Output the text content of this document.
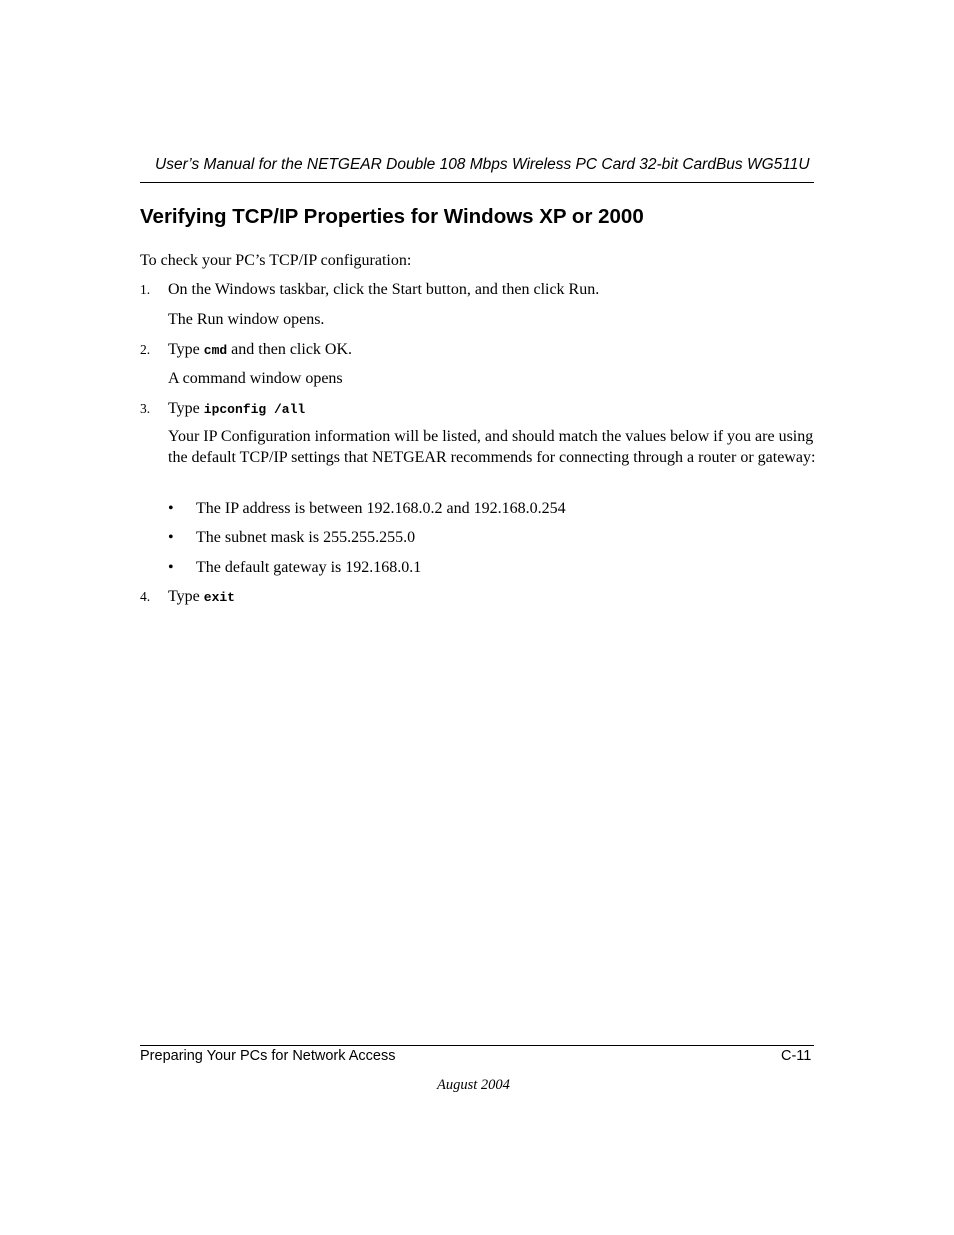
User’s Manual for the NETGEAR Double 108 Mbps Wireless PC Card 32-bit CardBus WG511U
Verifying TCP/IP Properties for Windows XP or 2000
To check your PC’s TCP/IP configuration:
1. On the Windows taskbar, click the Start button, and then click Run.
The Run window opens.
2. Type cmd and then click OK.
A command window opens
3. Type ipconfig /all
Your IP Configuration information will be listed, and should match the values below if you are using the default TCP/IP settings that NETGEAR recommends for connecting through a router or gateway:
• The IP address is between 192.168.0.2 and 192.168.0.254
• The subnet mask is 255.255.255.0
• The default gateway is 192.168.0.1
4. Type exit
Preparing Your PCs for Network Access	C-11
August 2004
